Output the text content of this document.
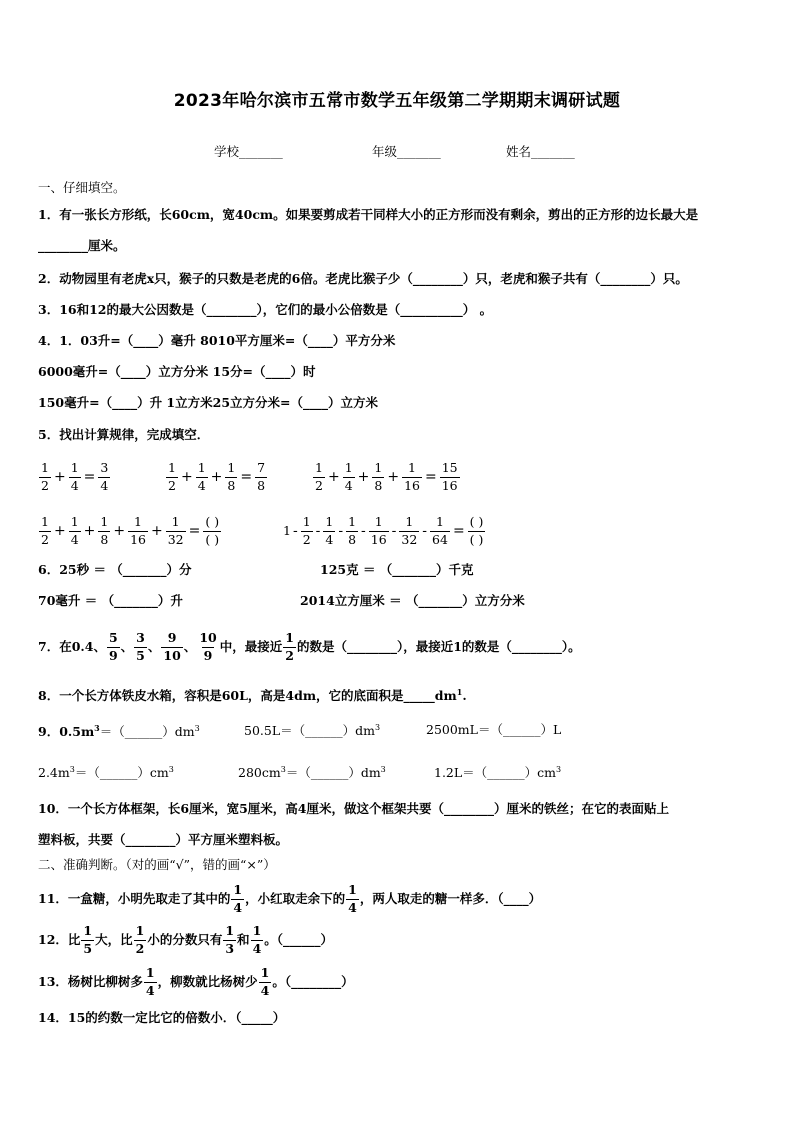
2023年哈尔滨市五常市数学五年级第二学期期末调研试题
学校_______	年级_______	姓名_______
一、仔细填空。
1．有一张长方形纸，长60cm，宽40cm。如果要剪成若干同样大小的正方形而没有剩余，剪出的正方形的边长最大是
________厘米。
2．动物园里有老虎x只，猴子的只数是老虎的6倍。老虎比猴子少（________）只，老虎和猴子共有（________）只。
3．16和12的最大公因数是（________），它们的最小公倍数是（__________） 。
4．1．03升=（____）毫升 8010平方厘米=（____）平方分米
6000毫升=（____）立方分米 15分=（____）时
150毫升=（____）升 1立方米25立方分米=（____）立方米
5．找出计算规律，完成填空．
$\frac{1}{2} + \frac{1}{4} = \frac{3}{4}$	$\frac{1}{2} + \frac{1}{4} + \frac{1}{8} = \frac{7}{8}$	$\frac{1}{2} + \frac{1}{4} + \frac{1}{8} + \frac{1}{16} = \frac{15}{16}$
$\frac{1}{2} + \frac{1}{4} + \frac{1}{8} + \frac{1}{16} + \frac{1}{32} = \frac{( )}{( )}$	$1 - \frac{1}{2} - \frac{1}{4} - \frac{1}{8} - \frac{1}{16} - \frac{1}{32} - \frac{1}{64} = \frac{( )}{( )}$
6．25秒 ＝ （_______）分	125克 ＝ （_______）千克
70毫升 ＝ （_______）升	2014立方厘米 ＝ （_______）立方分米
7．在0.4、 $\frac{5}{9}$ 、 $\frac{3}{5}$ 、 $\frac{9}{10}$ 、 $\frac{10}{9}$ 中，最接近 $\frac{1}{2}$ 的数是（________），最接近1的数是（________）。
8．一个长方体铁皮水箱，容积是60L，高是4dm，它的底面积是$\_\_\_\_\_dm^1$.
9．$0.5m^3=(\_\_\_\_\_\_)dm^3$	$50.5L=(\_\_\_\_\_\_)dm^3$	2500mL＝（______）L
$2.4m^3=(\_\_\_\_\_\_)cm^3$	$280cm^3=(\_\_\_\_\_\_)dm^3$	$1.2L=(\_\_\_\_\_\_)cm^3$
10．一个长方体框架，长6厘米，宽5厘米，高4厘米，做这个框架共要（________）厘米的铁丝；在它的表面贴上
塑料板，共要（________）平方厘米塑料板。
二、准确判断。（对的画“√”，错的画“×”）
11．一盒糖，小明先取走了其中的 $\frac{1}{4}$ ，小红取走余下的 $\frac{1}{4}$ ，两人取走的糖一样多．（____）
12．比 $\frac{1}{5}$ 大，比 $\frac{1}{2}$ 小的分数只有 $\frac{1}{3}$ 和 $\frac{1}{4}$ 。（______）
13．杨树比柳树多 $\frac{1}{4}$ ，柳数就比杨树少 $\frac{1}{4}$ 。（________）
14．15的约数一定比它的倍数小．（_____）
